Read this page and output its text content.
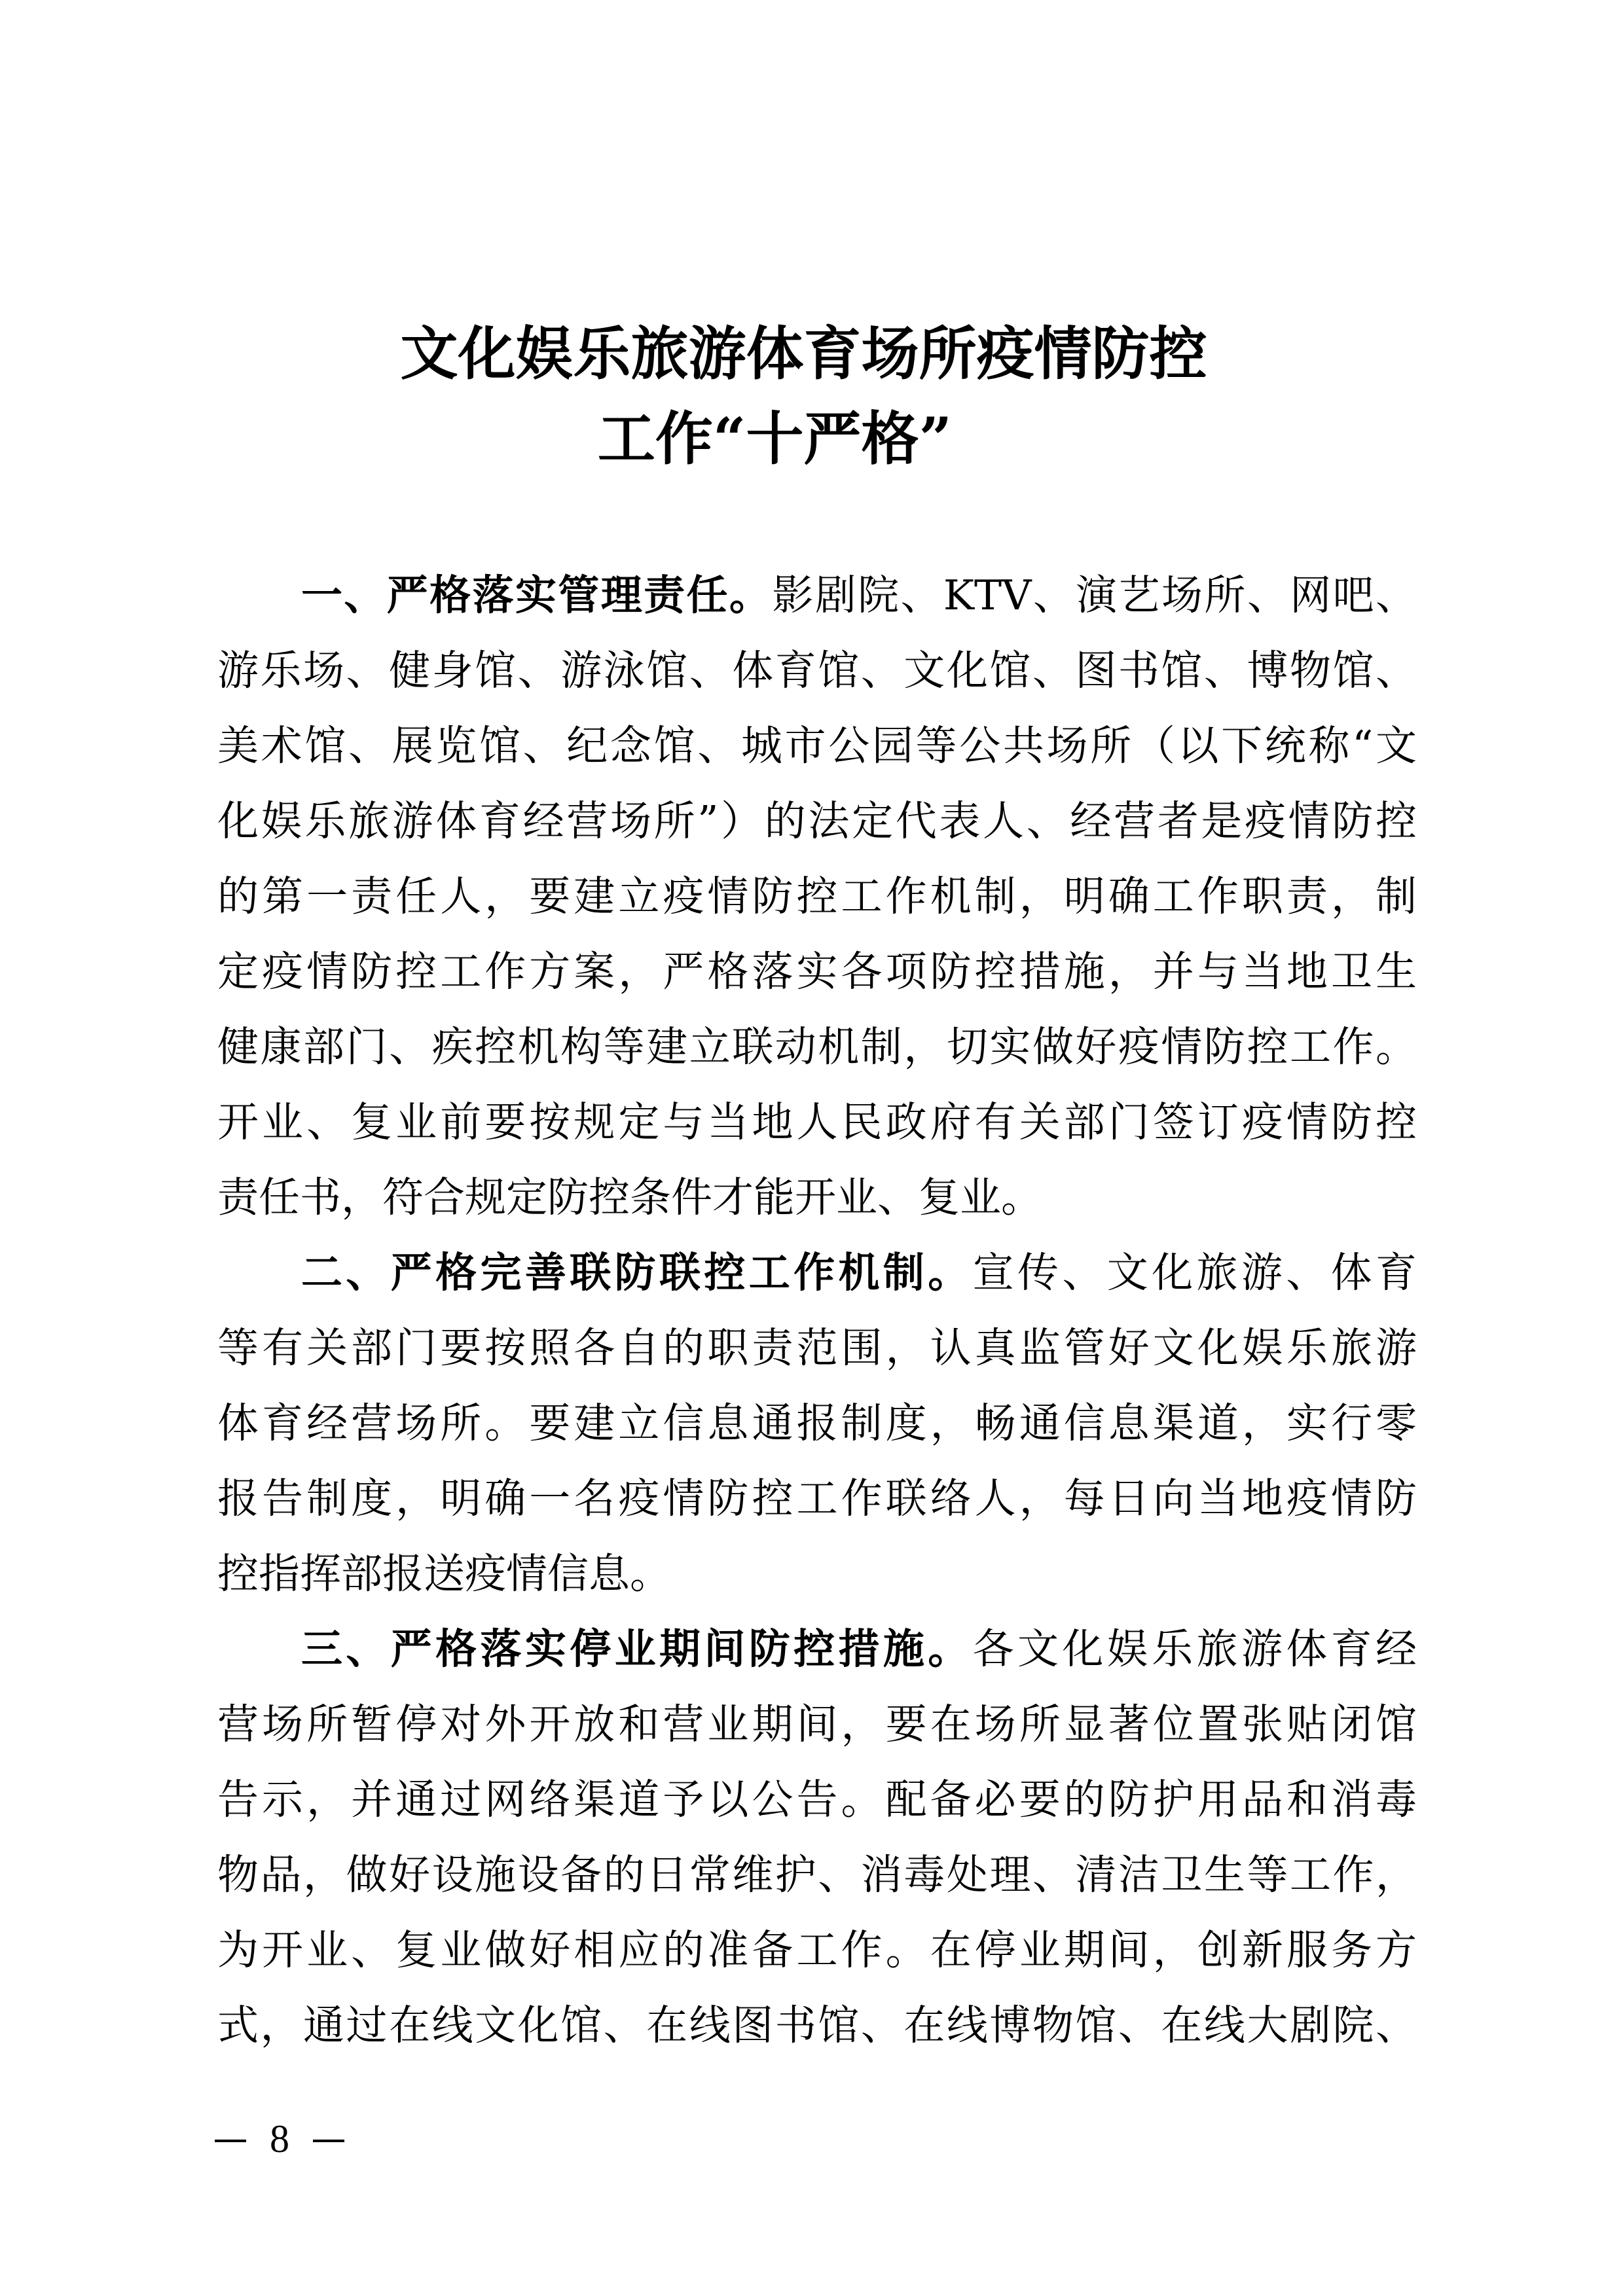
文化娱乐旅游体育场所疫情防控
工作“十严格”
一、严格落实管理责任。影剧院、KTV、演艺场所、网吧、
游乐场、健身馆、游泳馆、体育馆、文化馆、图书馆、博物馆、
美术馆、展览馆、纪念馆、城市公园等公共场所（以下统称“文
化娱乐旅游体育经营场所”）的法定代表人、经营者是疫情防控
的第一责任人，要建立疫情防控工作机制，明确工作职责，制
定疫情防控工作方案，严格落实各项防控措施，并与当地卫生
健康部门、疾控机构等建立联动机制，切实做好疫情防控工作。
开业、复业前要按规定与当地人民政府有关部门签订疫情防控
责任书，符合规定防控条件才能开业、复业。
二、严格完善联防联控工作机制。宣传、文化旅游、体育
等有关部门要按照各自的职责范围，认真监管好文化娱乐旅游
体育经营场所。要建立信息通报制度，畅通信息渠道，实行零
报告制度，明确一名疫情防控工作联络人，每日向当地疫情防
控指挥部报送疫情信息。
三、严格落实停业期间防控措施。各文化娱乐旅游体育经
营场所暂停对外开放和营业期间，要在场所显著位置张贴闭馆
告示，并通过网络渠道予以公告。配备必要的防护用品和消毒
物品，做好设施设备的日常维护、消毒处理、清洁卫生等工作，
为开业、复业做好相应的准备工作。在停业期间，创新服务方
式，通过在线文化馆、在线图书馆、在线博物馆、在线大剧院、
8
